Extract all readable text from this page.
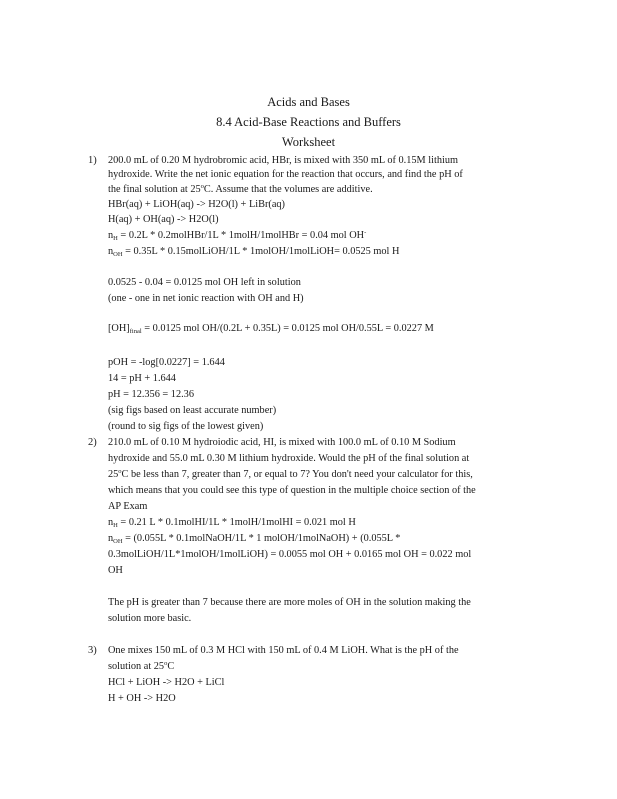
Acids and Bases
8.4 Acid-Base Reactions and Buffers
Worksheet
1) 200.0 mL of 0.20 M hydrobromic acid, HBr, is mixed with 350 mL of 0.15M lithium
hydroxide. Write the net ionic equation for the reaction that occurs, and find the pH of
the final solution at 25$^o$C. Assume that the volumes are additive.
HBr(aq) + LiOH(aq) -> H2O(l) + LiBr(aq)
H(aq) + OH(aq) -> H2O(l)
$n_H = 0.2L$ * 0.2molHBr/1L * 1molH/1molHBr = 0.04 mol OH-
$n_{OH} = 0.35L$ * 0.15molLiOH/1L * 1molOH/1molLiOH= 0.0525 mol H
0.0525 - 0.04 = 0.0125 mol OH left in solution
(one - one in net ionic reaction with OH and H)
$[OH]_{final} = 0.0125$ mol OH/(0.2L + 0.35L) = 0.0125 mol OH/0.55L = 0.0227 M
pOH = -log[0.0227] = 1.644
14 = pH + 1.644
pH = 12.356 = 12.36
(sig figs based on least accurate number)
(round to sig figs of the lowest given)
2) 210.0 mL of 0.10 M hydroiodic acid, HI, is mixed with 100.0 mL of 0.10 M Sodium
hydroxide and 55.0 mL 0.30 M lithium hydroxide. Would the pH of the final solution at
25$^o$C be less than 7, greater than 7, or equal to 7? You don't need your calculator for this,
which means that you could see this type of question in the multiple choice section of the
AP Exam
$n_H = 0.21$ L * 0.1molHI/1L * 1molH/1molHI = 0.021 mol H
$n_{OH} = (0.055L$ * 0.1molNaOH/1L * 1 molOH/1molNaOH) + (0.055L *
0.3molLiOH/1L*1molOH/1molLiOH) = 0.0055 mol OH + 0.0165 mol OH = 0.022 mol
OH
The pH is greater than 7 because there are more moles of OH in the solution making the
solution more basic.
3) One mixes 150 mL of 0.3 M HCl with 150 mL of 0.4 M LiOH. What is the pH of the
solution at 25$^o$C
HCl + LiOH -> H2O + LiCl
H + OH -> H2O
